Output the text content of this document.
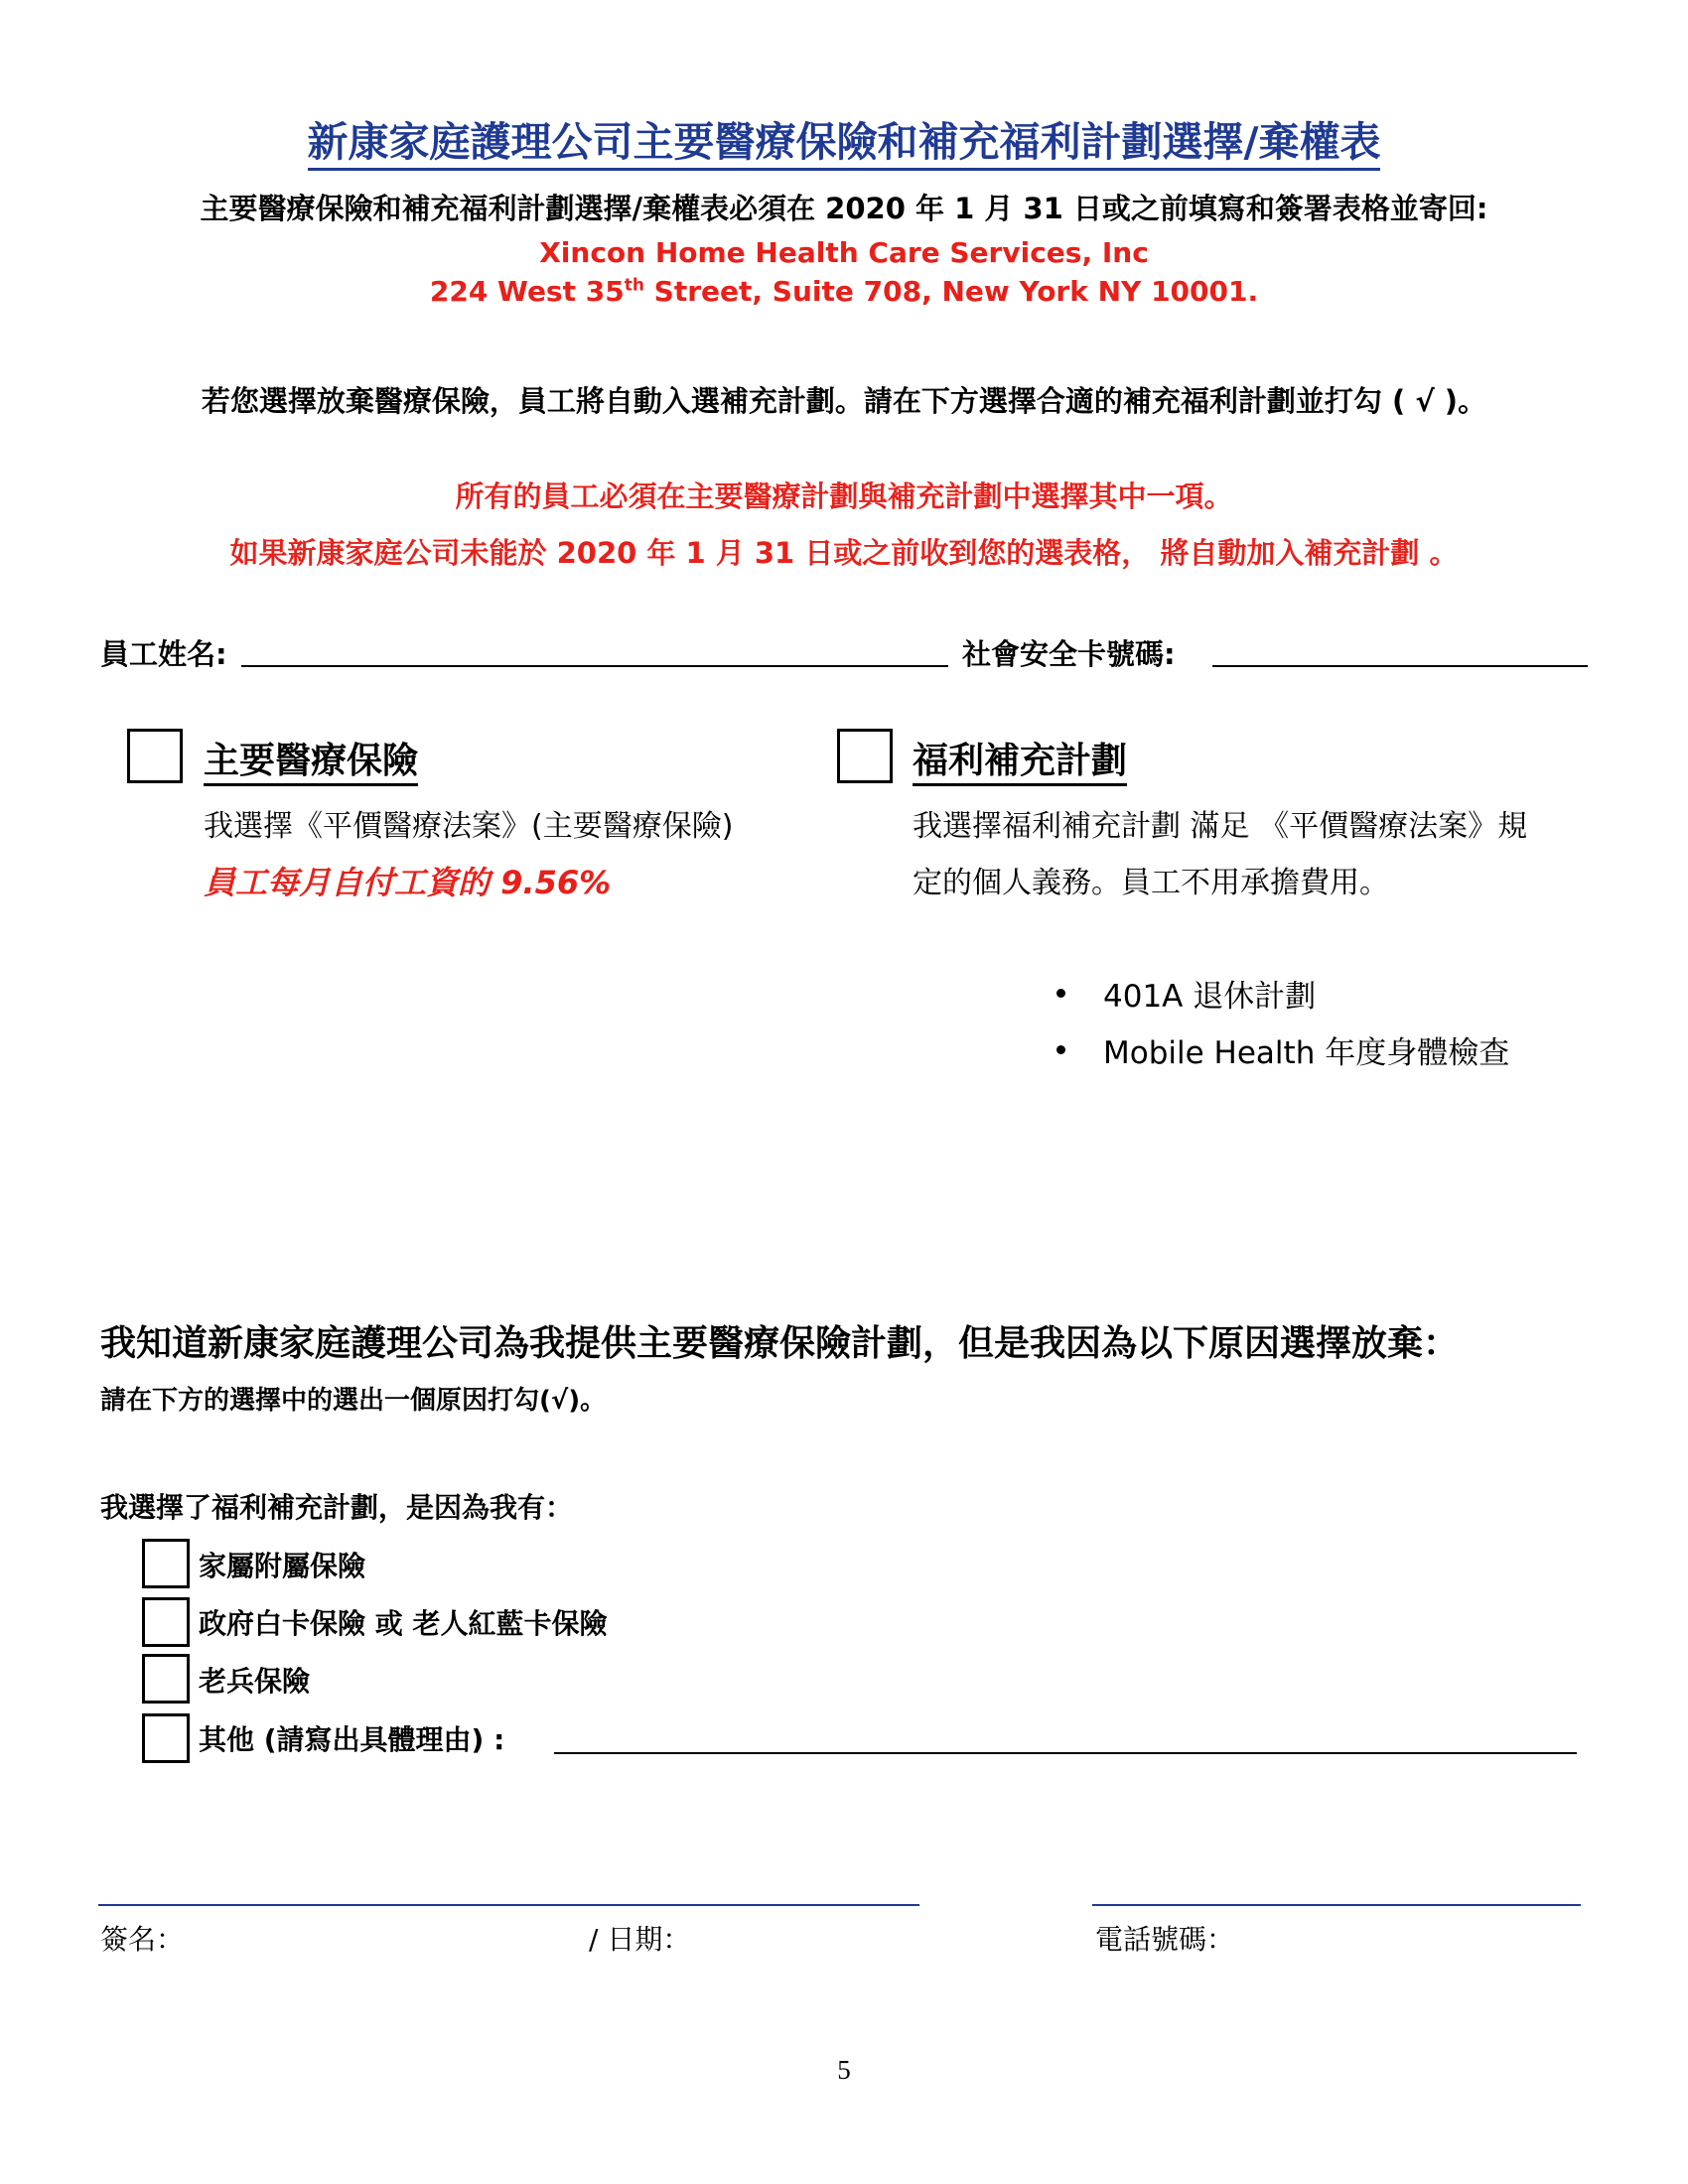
新康家庭護理公司主要醫療保險和補充福利計劃選擇/棄權表
主要醫療保險和補充福利計劃選擇/棄權表必須在 2020 年 1 月 31 日或之前填寫和簽署表格並寄回:
Xincon Home Health Care Services, Inc
224 West 35th Street, Suite 708, New York NY 10001.
若您選擇放棄醫療保險，員工將自動入選補充計劃。請在下方選擇合適的補充福利計劃並打勾 ( √ )。
所有的員工必須在主要醫療計劃與補充計劃中選擇其中一項。
如果新康家庭公司未能於 2020 年 1 月 31 日或之前收到您的選表格， 將自動加入補充計劃 。
員工姓名:	社會安全卡號碼:
主要醫療保險
我選擇《平價醫療法案》(主要醫療保險)
員工每月自付工資的 9.56%
福利補充計劃
我選擇福利補充計劃 滿足 《平價醫療法案》規
定的個人義務。員工不用承擔費用。
401A 退休計劃
Mobile Health 年度身體檢查
我知道新康家庭護理公司為我提供主要醫療保險計劃，但是我因為以下原因選擇放棄：
請在下方的選擇中的選出一個原因打勾(√)。
我選擇了福利補充計劃，是因為我有：
家屬附屬保險
政府白卡保險 或 老人紅藍卡保險
老兵保險
其他 (請寫出具體理由) :
簽名：	/ 日期：	電話號碼：
5
